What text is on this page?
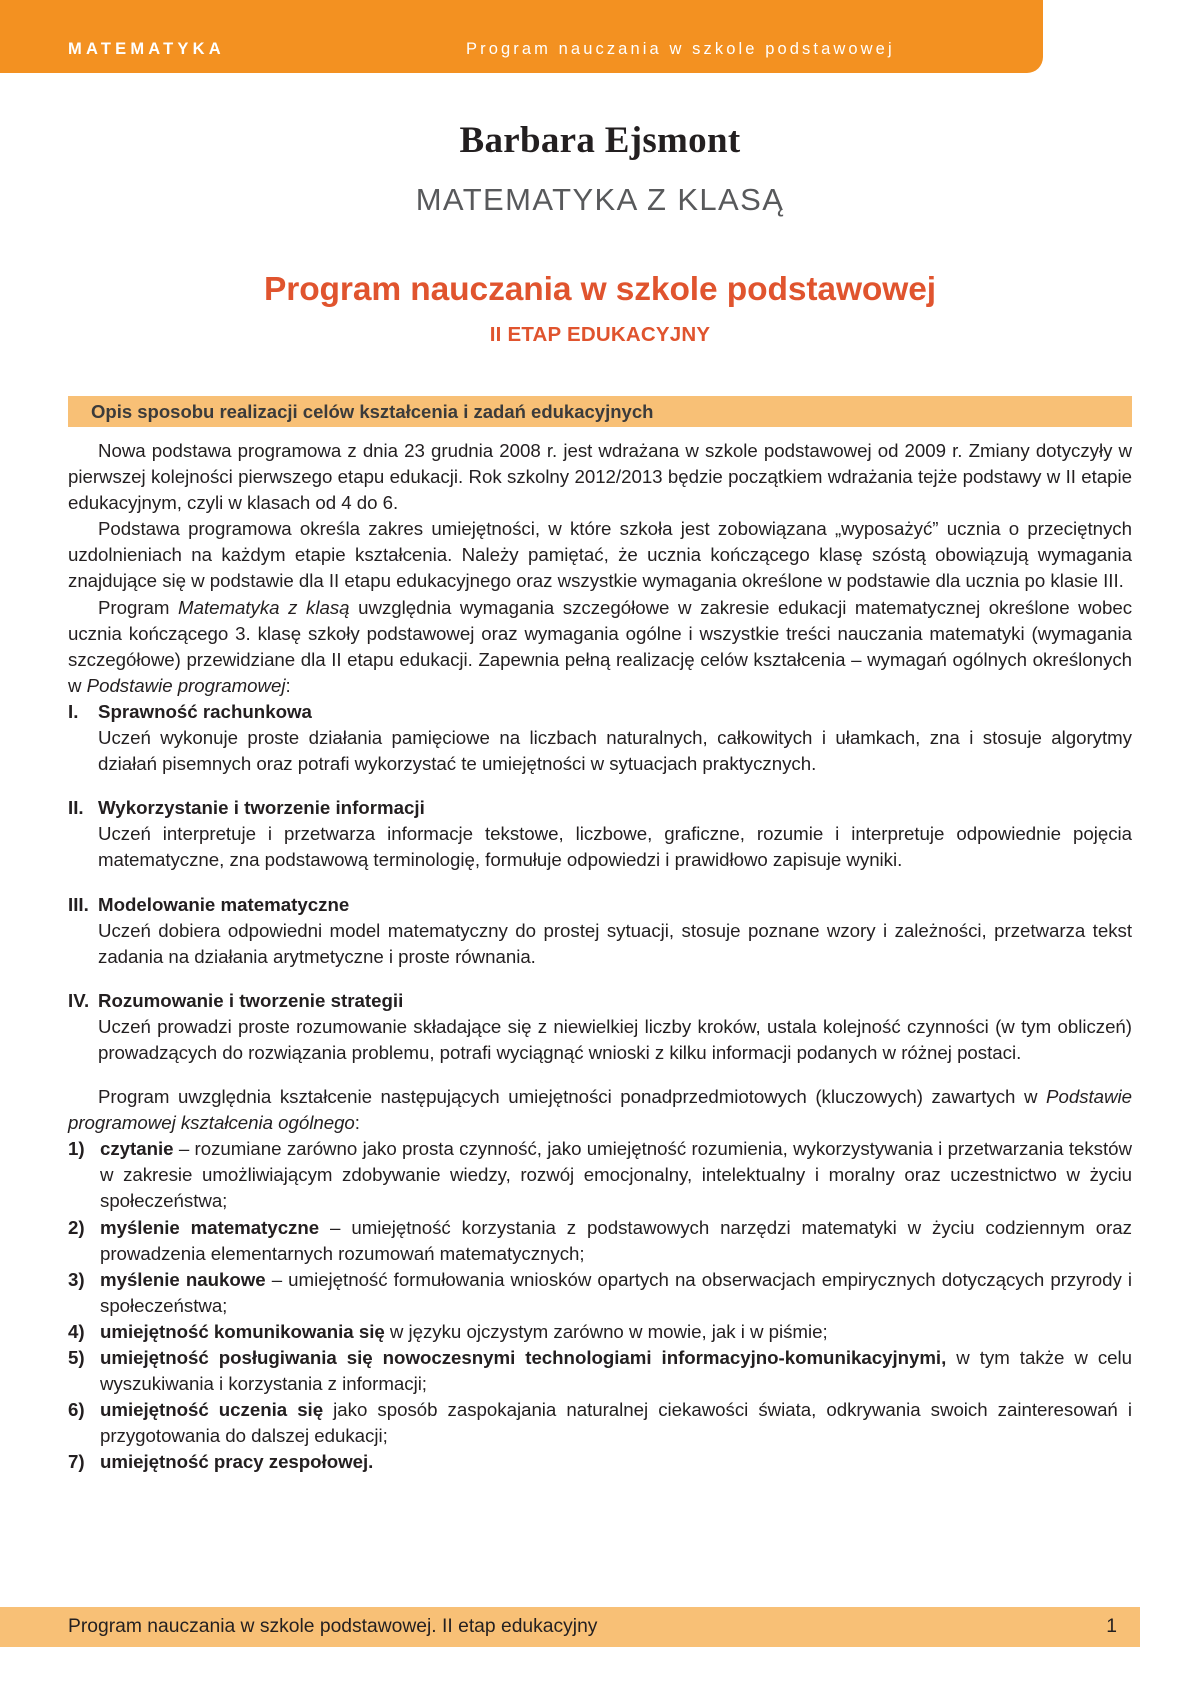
MATEMATYKA	Program nauczania w szkole podstawowej
Barbara Ejsmont
MATEMATYKA Z KLASĄ
Program nauczania w szkole podstawowej
II ETAP EDUKACYJNY
Opis sposobu realizacji celów kształcenia i zadań edukacyjnych

Nowa podstawa programowa z dnia 23 grudnia 2008 r. jest wdrażana w szkole podstawowej od 2009 r. Zmiany dotyczyły w pierwszej kolejności pierwszego etapu edukacji. Rok szkolny 2012/2013 będzie początkiem wdrażania tejże podstawy w II etapie edukacyjnym, czyli w klasach od 4 do 6.

Podstawa programowa określa zakres umiejętności, w które szkoła jest zobowiązana „wyposażyć” ucznia o przeciętnych uzdolnieniach na każdym etapie kształcenia. Należy pamiętać, że ucznia kończącego klasę szóstą obowiązują wymagania znajdujące się w podstawie dla II etapu edukacyjnego oraz wszystkie wymagania określone w podstawie dla ucznia po klasie III.

Program Matematyka z klasą uwzględnia wymagania szczegółowe w zakresie edukacji matematycznej określone wobec ucznia kończącego 3. klasę szkoły podstawowej oraz wymagania ogólne i wszystkie treści nauczania matematyki (wymagania szczegółowe) przewidziane dla II etapu edukacji. Zapewnia pełną realizację celów kształcenia – wymagań ogólnych określonych w Podstawie programowej:

I.	Sprawność rachunkowa
Uczeń wykonuje proste działania pamięciowe na liczbach naturalnych, całkowitych i ułamkach, zna i stosuje algorytmy działań pisemnych oraz potrafi wykorzystać te umiejętności w sytuacjach praktycznych.
II. Wykorzystanie i tworzenie informacji
Uczeń interpretuje i przetwarza informacje tekstowe, liczbowe, graficzne, rozumie i interpretuje odpowiednie pojęcia matematyczne, zna podstawową terminologię, formułuje odpowiedzi i prawidłowo zapisuje wyniki.
III. Modelowanie matematyczne
Uczeń dobiera odpowiedni model matematyczny do prostej sytuacji, stosuje poznane wzory i zależności, przetwarza tekst zadania na działania arytmetyczne i proste równania.
IV. Rozumowanie i tworzenie strategii
Uczeń prowadzi proste rozumowanie składające się z niewielkiej liczby kroków, ustala kolejność czynności (w tym obliczeń) prowadzących do rozwiązania problemu, potrafi wyciągnąć wnioski z kilku informacji podanych w różnej postaci.

Program uwzględnia kształcenie następujących umiejętności ponadprzedmiotowych (kluczowych) zawartych w Podstawie programowej kształcenia ogólnego:

1) czytanie – rozumiane zarówno jako prosta czynność, jako umiejętność rozumienia, wykorzystywania i przetwarzania tekstów w zakresie umożliwiającym zdobywanie wiedzy, rozwój emocjonalny, intelektualny i moralny oraz uczestnictwo w życiu społeczeństwa;
2) myślenie matematyczne – umiejętność korzystania z podstawowych narzędzi matematyki w życiu codziennym oraz prowadzenia elementarnych rozumowań matematycznych;
3) myślenie naukowe – umiejętność formułowania wniosków opartych na obserwacjach empirycznych dotyczących przyrody i społeczeństwa;
4) umiejętność komunikowania się w języku ojczystym zarówno w mowie, jak i w piśmie;
5) umiejętność posługiwania się nowoczesnymi technologiami informacyjno-komunikacyjnymi, w tym także w celu wyszukiwania i korzystania z informacji;
6) umiejętność uczenia się jako sposób zaspokajania naturalnej ciekawości świata, odkrywania swoich zainteresowań i przygotowania do dalszej edukacji;
7) umiejętność pracy zespołowej.
Program nauczania w szkole podstawowej. II etap edukacyjny	1
